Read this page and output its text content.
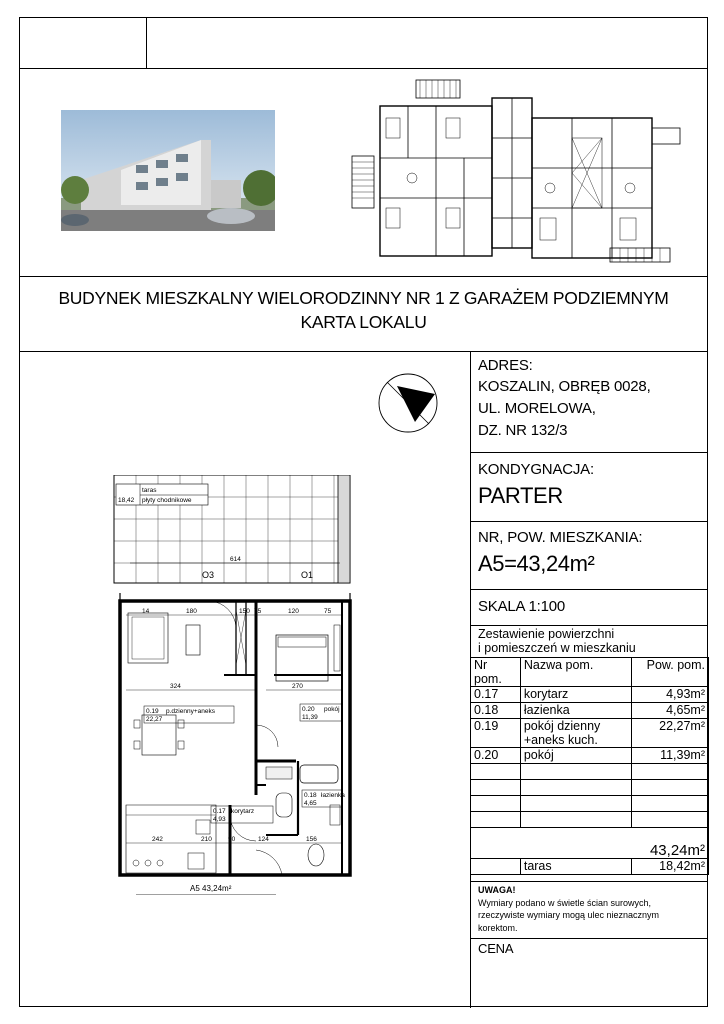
BUDYNEK MIESZKALNY WIELORODZINNY NR 1 Z GARAŻEM PODZIEMNYM
KARTA LOKALU
ADRES:
KOSZALIN, OBRĘB 0028,
UL. MORELOWA,
DZ. NR 132/3
KONDYGNACJA:
PARTER
NR, POW. MIESZKANIA:
A5=43,24m²
SKALA 1:100
Zestawienie powierzchni
i pomieszczeń w mieszkaniu
Nr pom.	Nazwa pom.	Pow. pom.
0.17	korytarz	4,93m²
0.18	łazienka	4,65m²
0.19	pokój dzienny
+aneks kuch.	22,27m²
0.20	pokój	11,39m²

43,24m²		
	taras	18,42m²
UWAGA!
Wymiary podano w świetle ścian surowych,
rzeczywiste wymiary mogą ulec nieznacznym
korektom.
CENA
taras
18,42 płyty chodnikowe
614
O3	O1
0.19 p.dzienny+aneks
22,27
0.20 pokój
11,39
0.17 korytarz
4,93
0.18 łazienka
4,65
14	180	150 75	120	75
324	270
242	210 90	124	156
A5 43,24m²
